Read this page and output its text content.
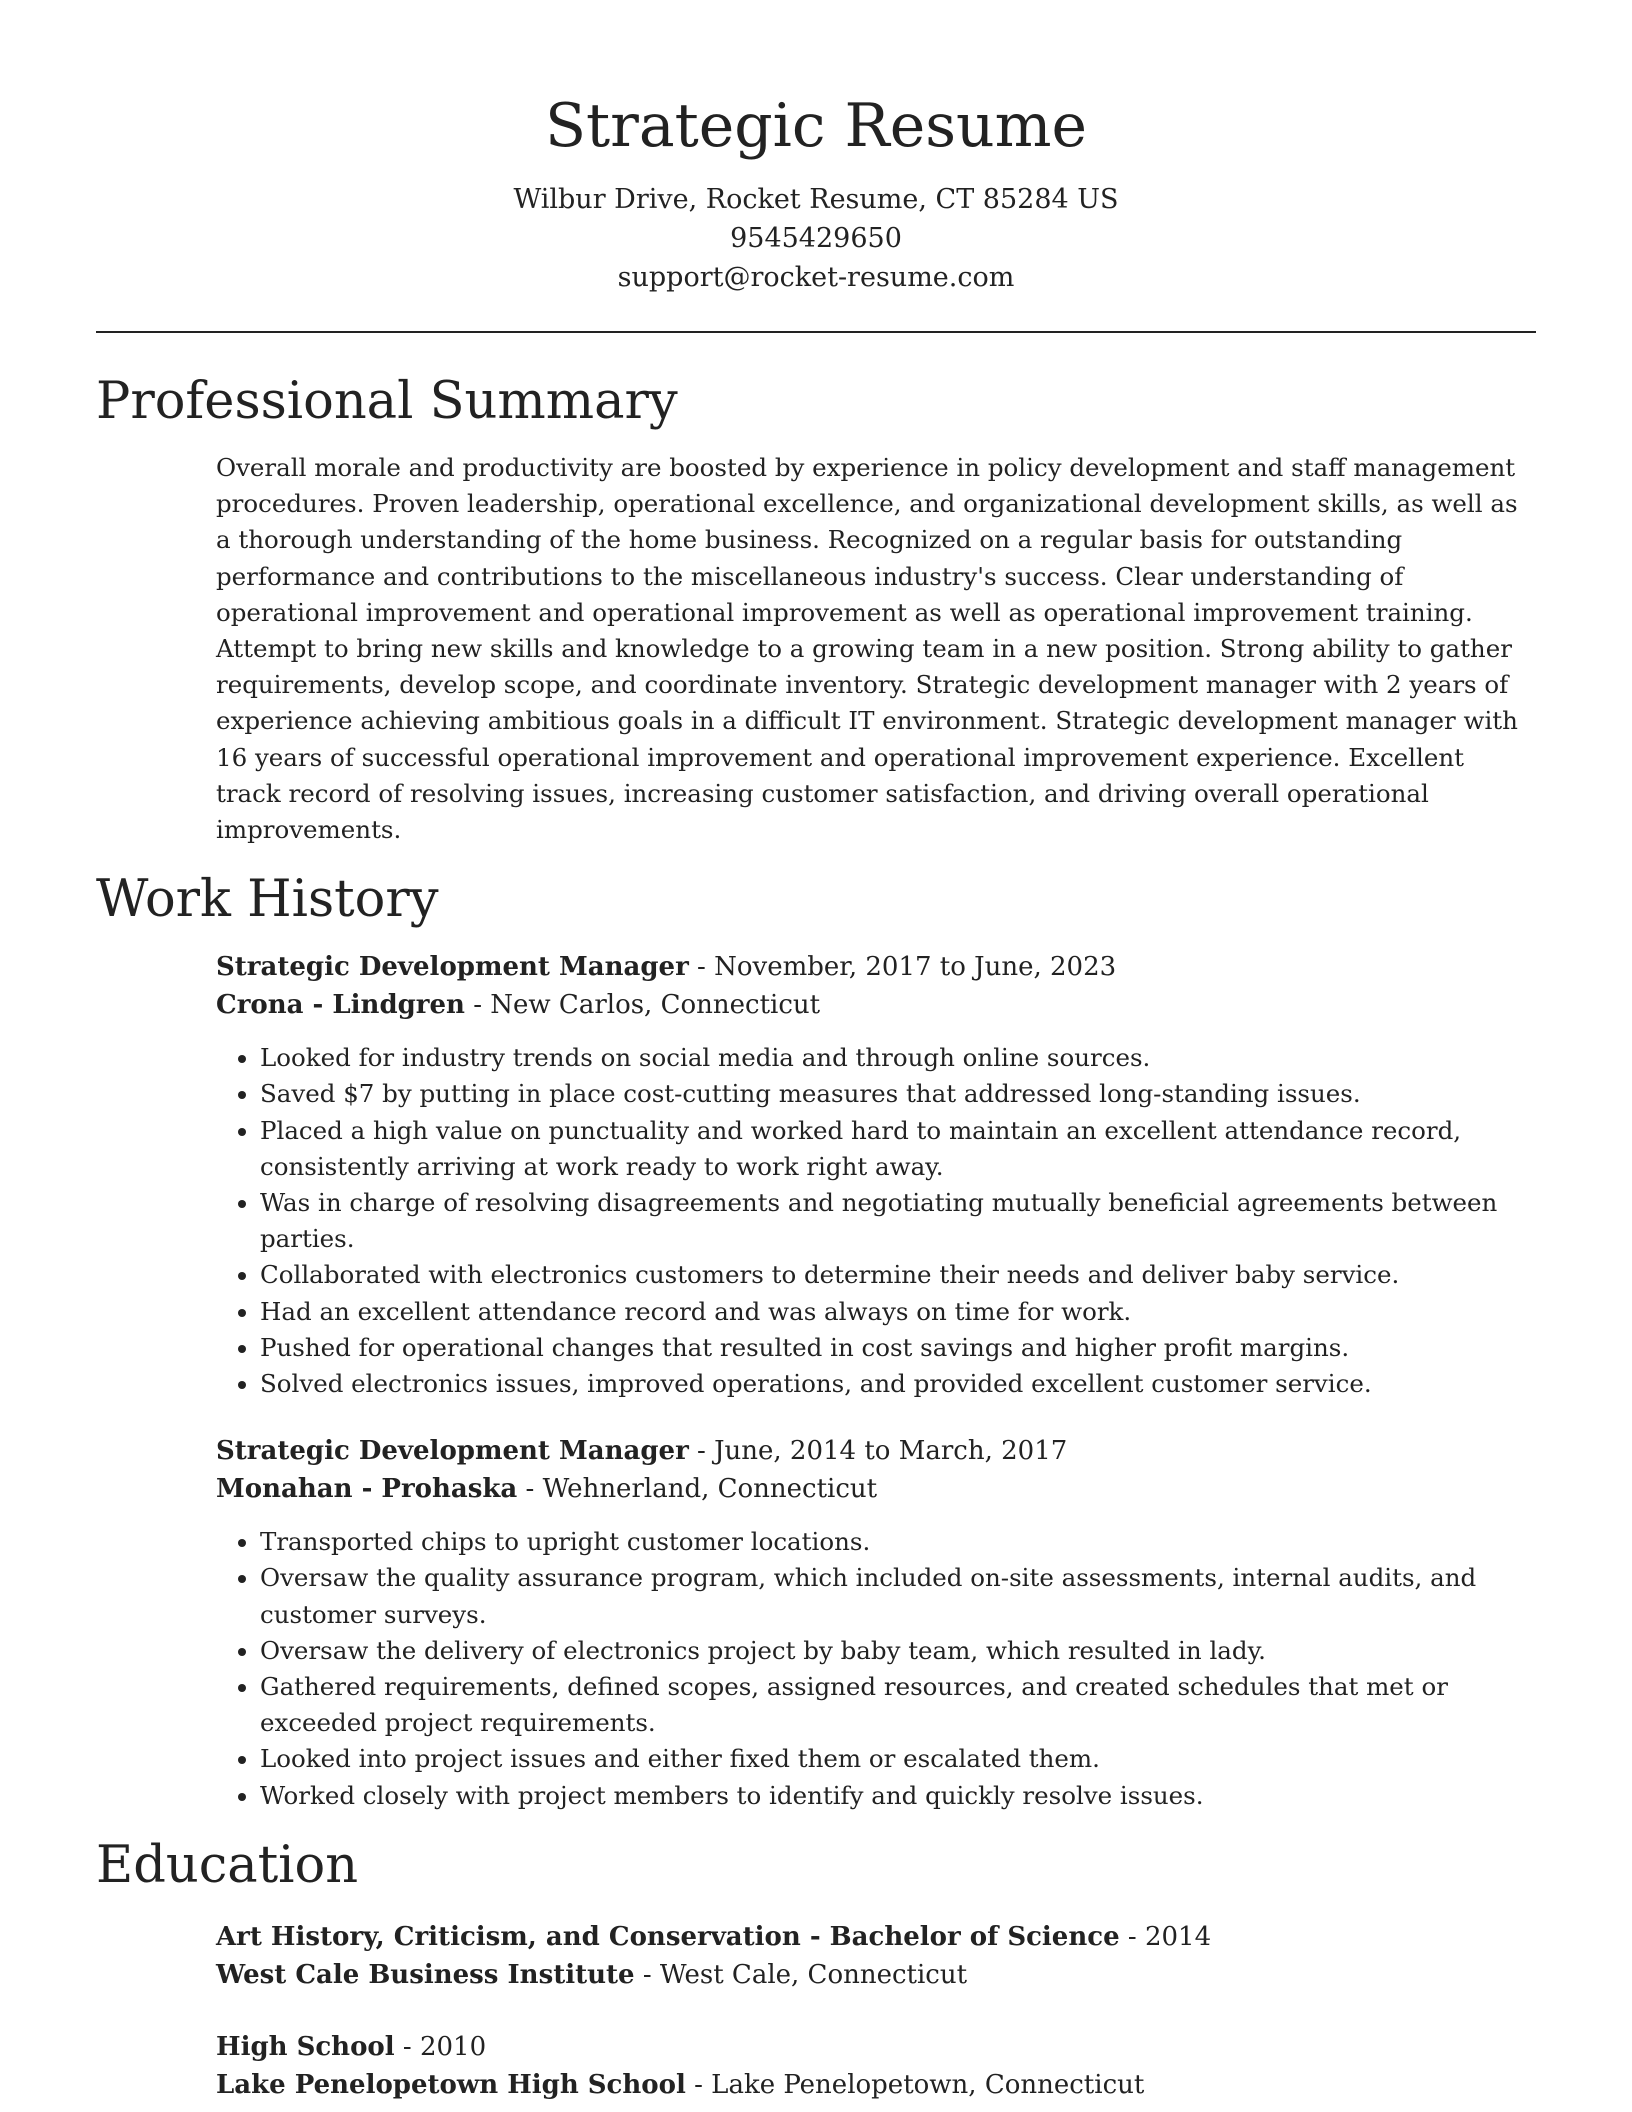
Strategic Resume

Wilbur Drive, Rocket Resume, CT 85284 US

9545429650

support@rocket-resume.com

Professional Summary

Overall morale and productivity are boosted by experience in policy development and staff management procedures. Proven leadership, operational excellence, and organizational development skills, as well as a thorough understanding of the home business. Recognized on a regular basis for outstanding performance and contributions to the miscellaneous industry's success. Clear understanding of operational improvement and operational improvement as well as operational improvement training. Attempt to bring new skills and knowledge to a growing team in a new position. Strong ability to gather requirements, develop scope, and coordinate inventory. Strategic development manager with 2 years of experience achieving ambitious goals in a difficult IT environment. Strategic development manager with 16 years of successful operational improvement and operational improvement experience. Excellent track record of resolving issues, increasing customer satisfaction, and driving overall operational improvements.

Work History

Strategic Development Manager - November, 2017 to June, 2023

Crona - Lindgren - New Carlos, Connecticut

• Looked for industry trends on social media and through online sources.
• Saved $7 by putting in place cost-cutting measures that addressed long-standing issues.
• Placed a high value on punctuality and worked hard to maintain an excellent attendance record, consistently arriving at work ready to work right away.
• Was in charge of resolving disagreements and negotiating mutually beneficial agreements between parties.
• Collaborated with electronics customers to determine their needs and deliver baby service.
• Had an excellent attendance record and was always on time for work.
• Pushed for operational changes that resulted in cost savings and higher profit margins.
• Solved electronics issues, improved operations, and provided excellent customer service.

Strategic Development Manager - June, 2014 to March, 2017

Monahan - Prohaska - Wehnerland, Connecticut

• Transported chips to upright customer locations.
• Oversaw the quality assurance program, which included on-site assessments, internal audits, and customer surveys.
• Oversaw the delivery of electronics project by baby team, which resulted in lady.
• Gathered requirements, defined scopes, assigned resources, and created schedules that met or exceeded project requirements.
• Looked into project issues and either fixed them or escalated them.
• Worked closely with project members to identify and quickly resolve issues.
Education

Art History, Criticism, and Conservation - Bachelor of Science - 2014

West Cale Business Institute - West Cale, Connecticut

High School - 2010

Lake Penelopetown High School - Lake Penelopetown, Connecticut
